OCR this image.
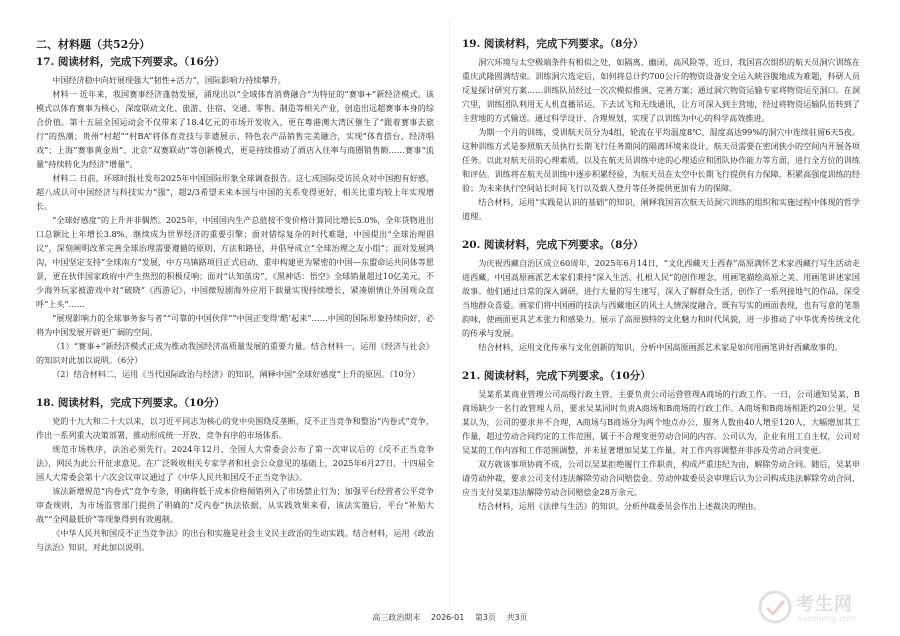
二、材料题（共52分）
17. 阅读材料，完成下列要求。（16分）

中国经济稳中向好展现强大“韧性+活力”，国际影响力持续攀升。

材料一 近年来，我国赛事经济蓬勃发展，涌现出以“全域体育消费融合”为特征的“赛事+”新经济模式。该模式以体育赛事为核心，深度联动文化、旅游、住宿、交通、零售、制造等相关产业，创造出远超赛事本身的综合价值。第十五届全国运动会不仅带来了18.4亿元的市场开发收入，更在粤港澳大湾区催生了“跟着赛事去旅行”的热潮；贵州“村超”“村BA”将体育竞技与非遗展示、特色农产品销售完美融合，实现“体育搭台、经济唱戏”；上海“赛事黄金周”、北京“双赛联动”等创新模式，更是持续推动了酒店入住率与商圈销售额……赛事“流量”持续转化为经济“增量”。

材料二 日前，环球时报社发布2025年中国国际形象全球调查报告。这七成国际受访民众对中国抱有好感，超八成认可中国经济与科技实力“强”，超2/3希望未来本国与中国的关系变得更好，相关比重均较上年实现增长。

“全球好感度”的上升并非偶然。2025年，中国国内生产总值按不变价格计算同比增长5.0%，全年货物进出口总额比上年增长3.8%，继续成为世界经济的重要引擎；面对错综复杂的时代难题，中国提出“全球治理倡议”，深刻阐明改革完善全球治理需要遵循的原则、方法和路径，并倡导成立“全球治理之友小组”；面对发展鸿沟，中国坚定支持“全球南方”发展，中方乌镇路项目正式启动、重申构建更为紧密的中国—东盟命运共同体等愿景，更在伙伴国家政府中产生热烈的积极反响；面对“认知茧房”，《黑神话：悟空》全球销量超过10亿美元，不少海外玩家被游戏中对“破晓”《西游记》，中国微短剧海外应用下载量实现持续增长，紧凑剧情让外国观众直呼“上头”……

“展现影响力的全球事务参与者”“可靠的中国伙伴”“中国正变得‘酷’起来”……中国的国际形象持续向好，必将为中国发展开辟更广阔的空间。

（1）“赛事+”新经济模式正成为推动我国经济高质量发展的重要力量。结合材料一，运用《经济与社会》的知识对此加以说明。（6分）

（2）结合材料二，运用《当代国际政治与经济》的知识，阐释中国“全球好感度”上升的原因。（10分）

18. 阅读材料，完成下列要求。（10分）

党的十九大和二十大以来，以习近平同志为核心的党中央围绕反垄断、反不正当竞争和整治“内卷式”竞争，作出一系列重大决策部署，推动形成统一开放、竞争有序的市场体系。

规范市场秩序，法治必须先行。2024年12月，全国人大常委会公布了第一次审议后的《反不正当竞争法》，网民为此公开征求意见。在广泛吸收相关专家学者和社会公众意见的基础上，2025年6月27日，十四届全国人大常委会第十六次会议审议通过了《中华人民共和国反不正当竞争法》。

该法新增规范“内卷式”竞争专条，明确将低于成本价格倾销列入了市场禁止行为；加强平台经营者公平竞争审查规则，为市场监管部门提供了明确的“反内卷”执法依据，从实践效果来看，该法实施后，平台“补贴大战”“全网最低价”等现象得到有效遏制。

《中华人民共和国反不正当竞争法》的出台和实施是社会主义民主政治的生动实践。结合材料，运用《政治与法治》知识，对此加以说明。

19. 阅读材料，完成下列要求。（8分）

洞穴环境与太空极端条件有相似之处，如隔离、幽闭、高风险等，近日，我国首次组织的航天员洞穴训练在重庆武隆圆满结束。训练洞穴选定后，如何将总计约700公斤的物资设备安全运入峡谷腹地成为难题，科研人员反复探讨研究方案……训练队员经过一次次模拟推演、完善方案；通过洞穴物资运输专家将物资运至洞口。在洞穴里，训练团队利用无人机直播吊运、下去试飞和无线通讯，让方可深入到主营地，经过将物资运输队伍转到了主营地的方式输送。通过科学设计、合理规划，实现了以训练为中心的科学高效推进。

为期一个月的训练，受训航天员分为4组，轮流在平均温度8℃、湿度高达99%的洞穴中连续驻留6天5夜。这种训练方式是参照航天员执行长期飞行任务期间的隔离环境来设计，航天员需要在密闭狭小的空间内开展各项任务。以此对航天员的心理素质，以及在航天员训练中途的心理适应和团队协作能力等方面，进行全方位的训练和评估。训练将在航天员训练中逐步积累经验，为航天员在太空中长期飞行提供有力保障，积累高强度训练的经验；为未来执行空间站长时间飞行以及载人登月等任务提供更加有力的保障。

结合材料，运用“实践是认识的基础”的知识，阐释我国首次航天员洞穴训练的组织和实施过程中体现的哲学道理。

20. 阅读材料，完成下列要求。（8分）

为庆祝西藏自治区成立60周年，2025年6月14日，“文化西藏天上西春”高原满怀艺术家西藏行写生活动走进西藏。中国高原画派艺术家们秉持“深入生活、扎根人民”的创作理念，用画笔描绘高原之美、用画笔讲述家国故事。他们通过日常的深入调研，进行大量的写生速写，深入了解群众生活，创作了一系列接地气的作品，深受当地群众喜爱。画家们将中国画的技法与西藏地区的风土人情深度融合，既有写实的画面表现，也有写意的笔墨韵味，使画面更具艺术张力和感染力。展示了高原独特的文化魅力和时代风貌，进一步推动了中华优秀传统文化的传承与发展。

结合材料，运用文化传承与文化创新的知识，分析中国高原画派艺术家是如何用画笔讲好西藏故事的。

21. 阅读材料，完成下列要求。（10分）

吴某系某商业管理公司高级行政主管，主要负责公司运营管理A商场的行政工作。一日，公司通知吴某，B商场缺少一名行政管理人员，要求吴某同时负责A商场和B商场的行政工作。A商场和B商场相距约20公里，吴某认为，公司的要求并不合理，A商场与B商场分为两个地点办公，服务人数由40人增至120人，大幅增加其工作量，超过劳动合同约定的工作范围，属于不合理变更劳动合同的内容。公司认为，企业有用工自主权，公司对吴某的工作内容和工作范围调整，并未显著增加吴某工作量，对工作内容调整并非涉及劳动合同变更。

双方就该事项协商不成，公司以吴某拒绝履行工作职责，构成严重违纪为由，解除劳动合同。随后，吴某申请劳动仲裁，要求公司支付违法解除劳动合同赔偿金。劳动仲裁委员会审理后认为公司构成违法解除劳动合同，应当支付吴某违法解除劳动合同赔偿金28万余元。

结合材料，运用《法律与生活》的知识，分析仲裁委员会作出上述裁决的理由。

高三政治期末 2026-01 第3页 共3页
考生网
kaosheng.com
